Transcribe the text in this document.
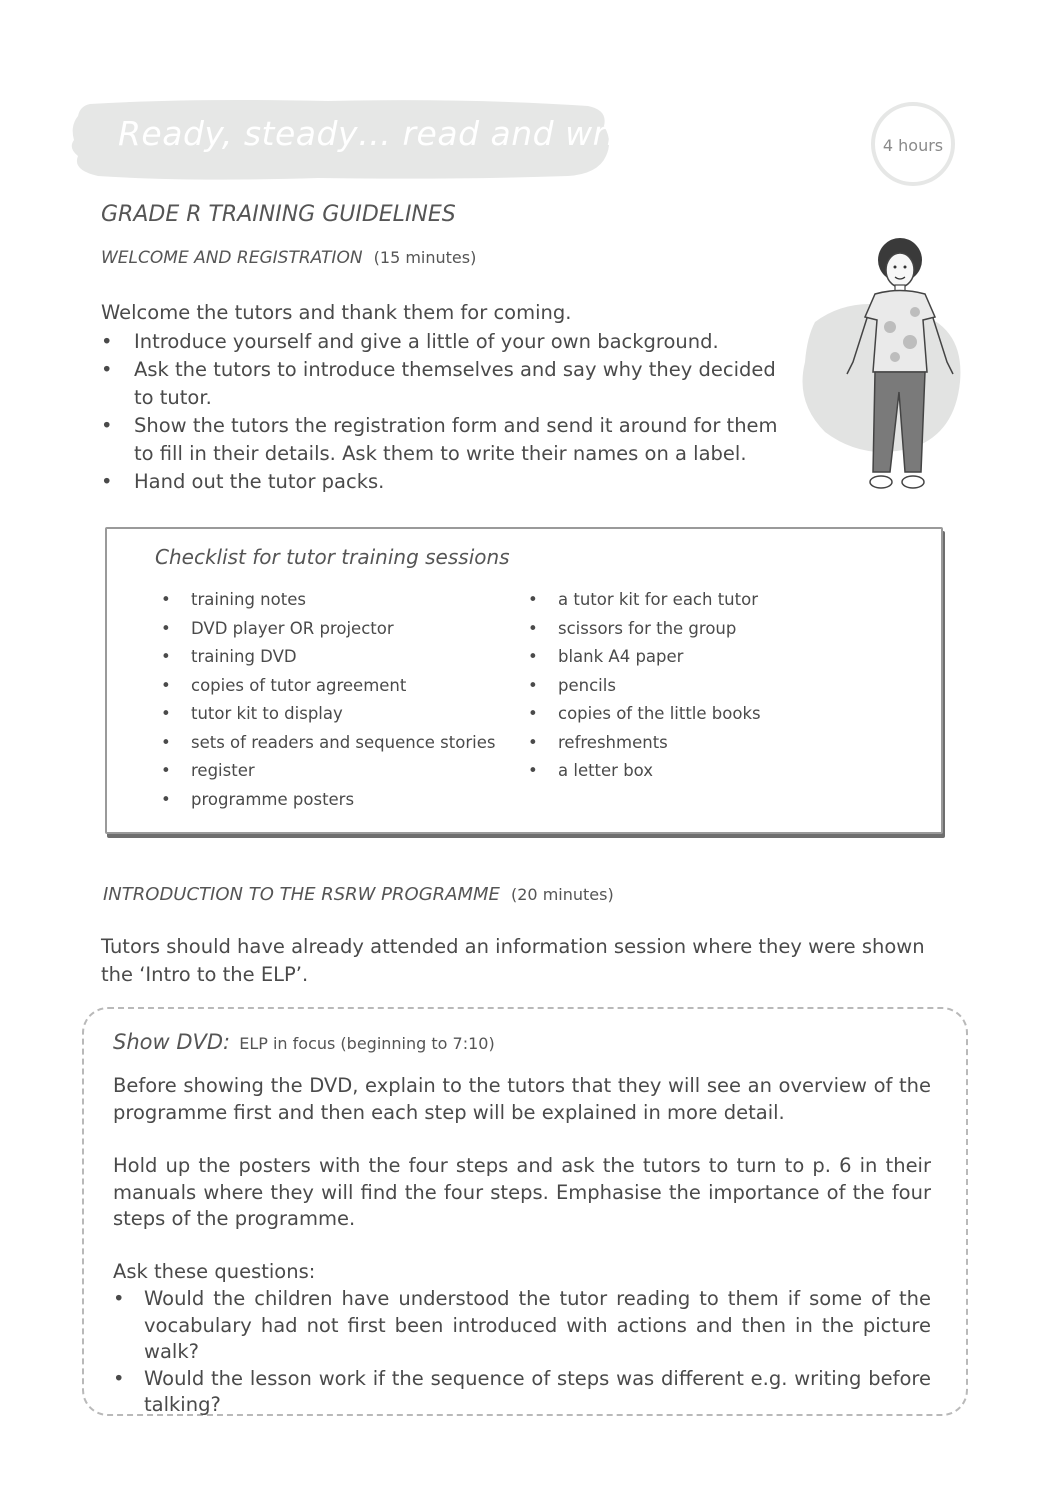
Ready, steady… read and write	4 hours
GRADE R TRAINING GUIDELINES
WELCOME AND REGISTRATION (15 minutes)
Welcome the tutors and thank them for coming.
• Introduce yourself and give a little of your own background.
• Ask the tutors to introduce themselves and say why they decided to tutor.
• Show the tutors the registration form and send it around for them to fill in their details. Ask them to write their names on a label.
• Hand out the tutor packs.
Checklist for tutor training sessions
• training notes
• DVD player OR projector
• training DVD
• copies of tutor agreement
• tutor kit to display
• sets of readers and sequence stories
• register
• programme posters
• a tutor kit for each tutor
• scissors for the group
• blank A4 paper
• pencils
• copies of the little books
• refreshments
• a letter box
INTRODUCTION TO THE RSRW PROGRAMME (20 minutes)
Tutors should have already attended an information session where they were shown the ‘Intro to the ELP’.
Show DVD: ELP in focus (beginning to 7:10)
Before showing the DVD, explain to the tutors that they will see an overview of the programme first and then each step will be explained in more detail.
Hold up the posters with the four steps and ask the tutors to turn to p. 6 in their manuals where they will find the four steps. Emphasise the importance of the four steps of the programme.
Ask these questions:
• Would the children have understood the tutor reading to them if some of the vocabulary had not first been introduced with actions and then in the picture walk?
• Would the lesson work if the sequence of steps was different e.g. writing before talking?
